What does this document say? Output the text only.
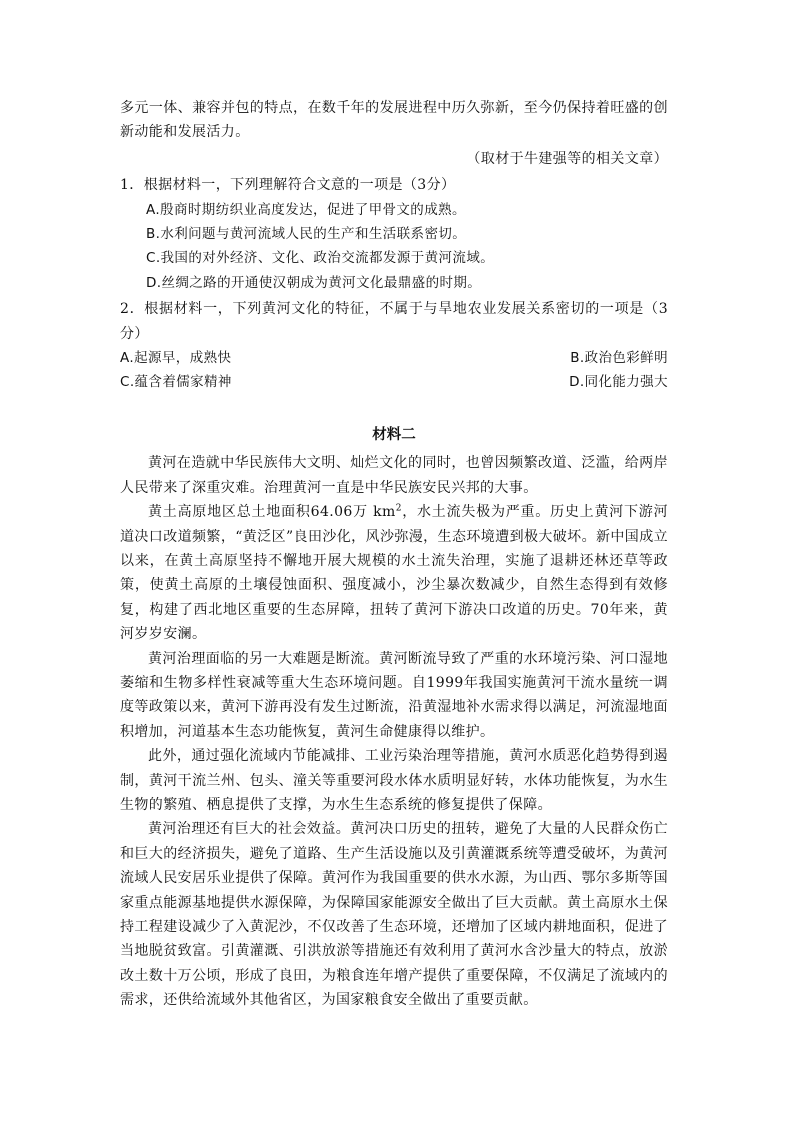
多元一体、兼容并包的特点，在数千年的发展进程中历久弥新，至今仍保持着旺盛的创新动能和发展活力。

（取材于牛建强等的相关文章）

1．根据材料一，下列理解符合文意的一项是（3分）

A.殷商时期纺织业高度发达，促进了甲骨文的成熟。

B.水利问题与黄河流域人民的生产和生活联系密切。

C.我国的对外经济、文化、政治交流都发源于黄河流域。

D.丝绸之路的开通使汉朝成为黄河文化最鼎盛的时期。

2．根据材料一，下列黄河文化的特征，不属于与旱地农业发展关系密切的一项是（3分）

A.起源早，成熟快	B.政治色彩鲜明
C.蕴含着儒家精神	D.同化能力强大
材料二

黄河在造就中华民族伟大文明、灿烂文化的同时，也曾因频繁改道、泛滥，给两岸人民带来了深重灾难。治理黄河一直是中华民族安民兴邦的大事。

黄土高原地区总土地面积64.06万 $km^2$，水土流失极为严重。历史上黄河下游河道决口改道频繁，“黄泛区”良田沙化，风沙弥漫，生态环境遭到极大破坏。新中国成立以来，在黄土高原坚持不懈地开展大规模的水土流失治理，实施了退耕还林还草等政策，使黄土高原的土壤侵蚀面积、强度减小，沙尘暴次数减少，自然生态得到有效修复，构建了西北地区重要的生态屏障，扭转了黄河下游决口改道的历史。70年来，黄河岁岁安澜。

黄河治理面临的另一大难题是断流。黄河断流导致了严重的水环境污染、河口湿地萎缩和生物多样性衰减等重大生态环境问题。自1999年我国实施黄河干流水量统一调度等政策以来，黄河下游再没有发生过断流，沿黄湿地补水需求得以满足，河流湿地面积增加，河道基本生态功能恢复，黄河生命健康得以维护。

此外，通过强化流域内节能减排、工业污染治理等措施，黄河水质恶化趋势得到遏制，黄河干流兰州、包头、潼关等重要河段水体水质明显好转，水体功能恢复，为水生生物的繁殖、栖息提供了支撑，为水生生态系统的修复提供了保障。

黄河治理还有巨大的社会效益。黄河决口历史的扭转，避免了大量的人民群众伤亡和巨大的经济损失，避免了道路、生产生活设施以及引黄灌溉系统等遭受破坏，为黄河流域人民安居乐业提供了保障。黄河作为我国重要的供水水源，为山西、鄂尔多斯等国家重点能源基地提供水源保障，为保障国家能源安全做出了巨大贡献。黄土高原水土保持工程建设减少了入黄泥沙，不仅改善了生态环境，还增加了区域内耕地面积，促进了当地脱贫致富。引黄灌溉、引洪放淤等措施还有效利用了黄河水含沙量大的特点，放淤改土数十万公顷，形成了良田，为粮食连年增产提供了重要保障，不仅满足了流域内的需求，还供给流域外其他省区，为国家粮食安全做出了重要贡献。
